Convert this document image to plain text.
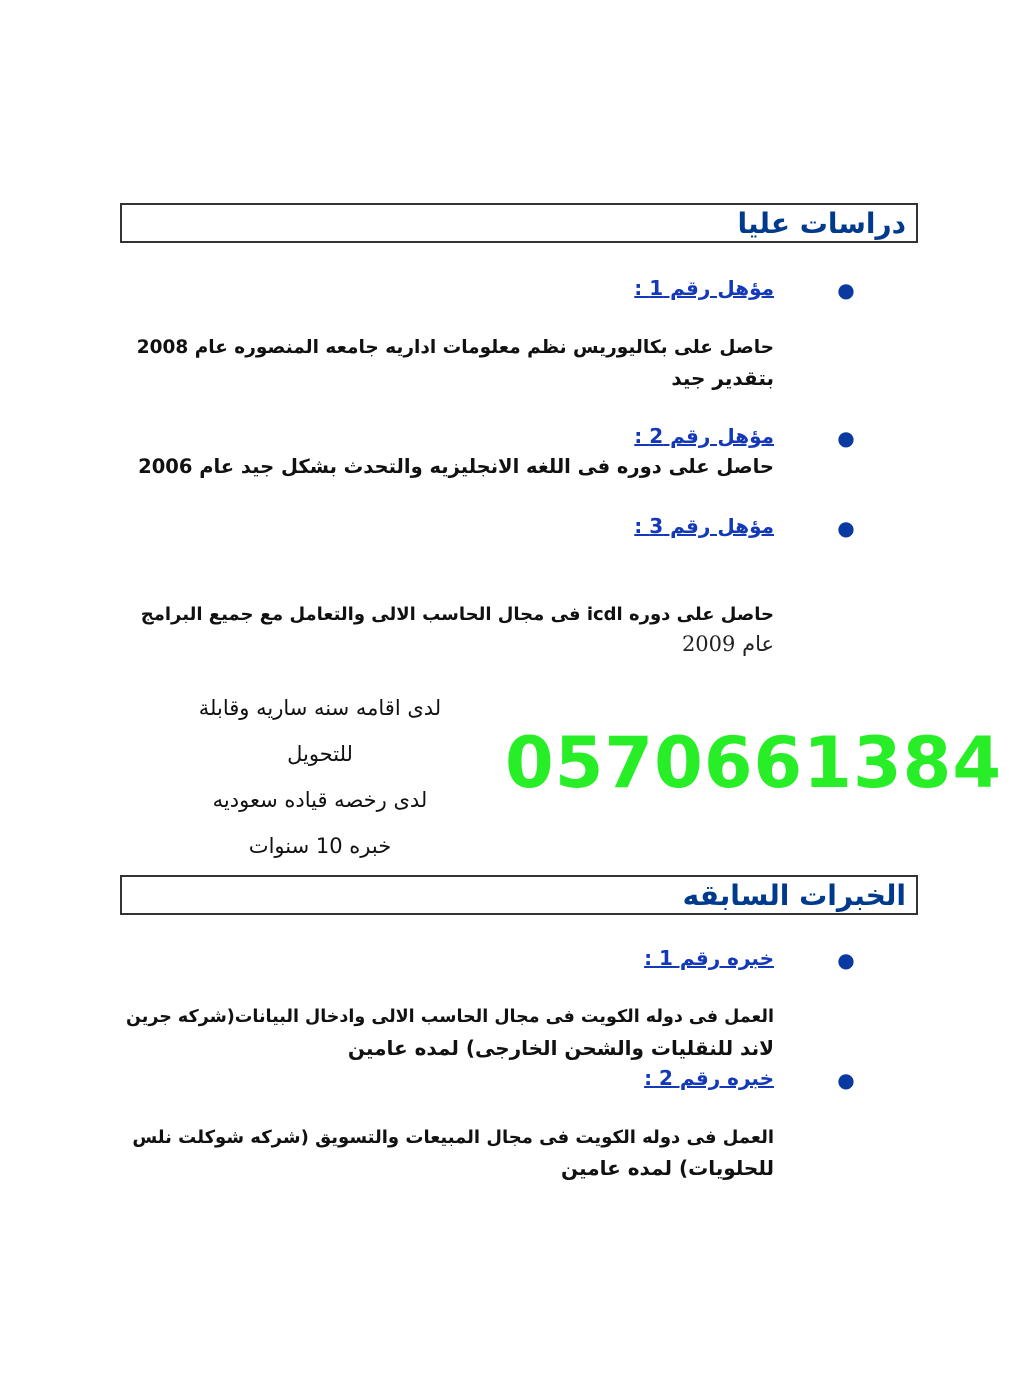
دراسات عليا
●
مؤهل رقم 1 :
حاصل على بكاليوريس نظم معلومات اداريه جامعه المنصوره عام 2008
بتقدير جيد
●
مؤهل رقم 2 :
حاصل على دوره فى اللغه الانجليزيه والتحدث بشكل جيد عام 2006
●
مؤهل رقم 3 :
حاصل على دوره icdl فى مجال الحاسب الالى والتعامل مع جميع البرامج
عام 2009
لدى اقامه سنه ساريه وقابلة
للتحويل
لدى رخصه قياده سعوديه
خبره 10 سنوات
0570661384
الخبرات السابقه
●
خبره رقم 1 :
العمل فى دوله الكويت فى مجال الحاسب الالى وادخال البيانات(شركه جرين
لاند للنقليات والشحن الخارجى) لمده عامين
●
خبره رقم 2 :
العمل فى دوله الكويت فى مجال المبيعات والتسويق (شركه شوكلت نلس
للحلويات) لمده عامين
